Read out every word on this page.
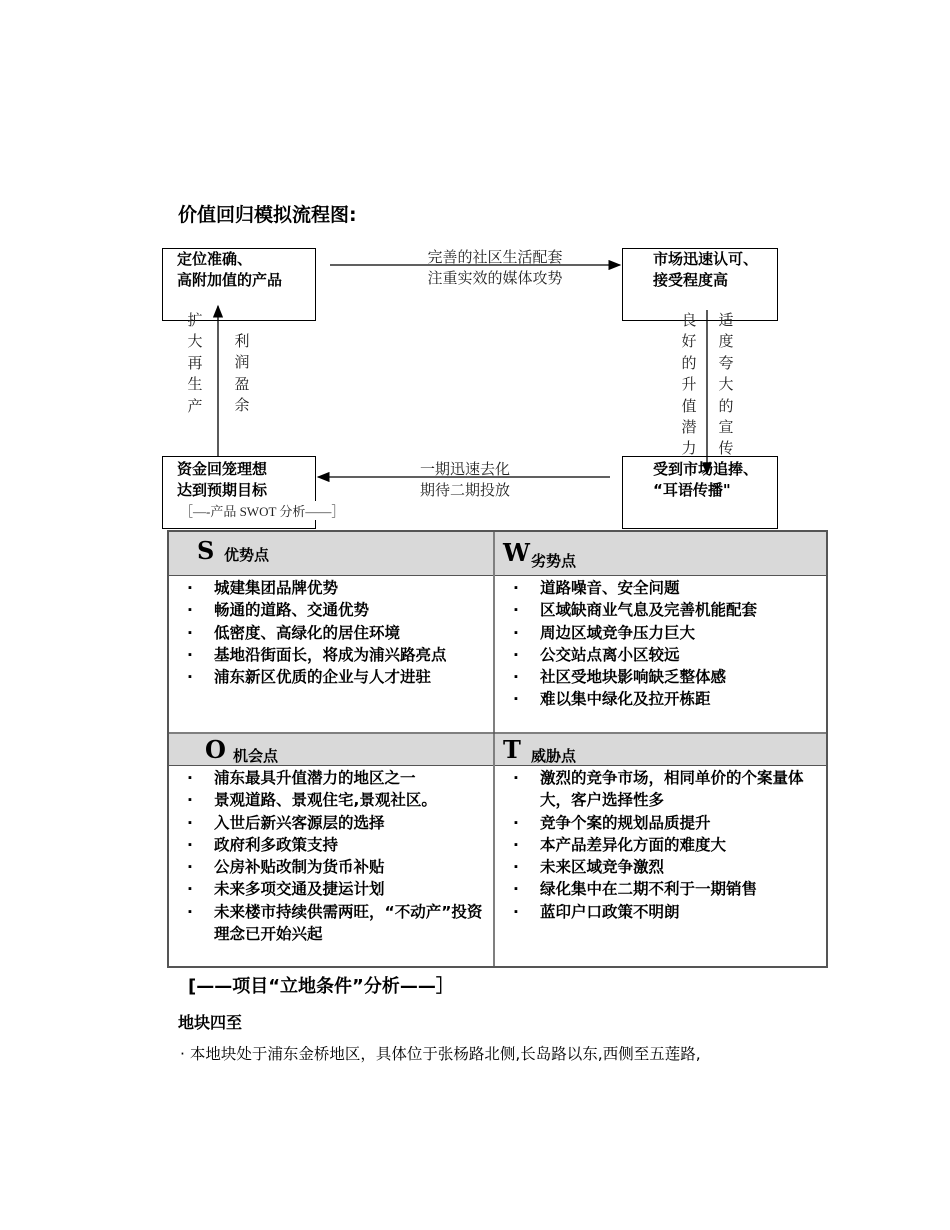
价值回归模拟流程图:
定位准确、
高附加值的产品
市场迅速认可、
接受程度高
资金回笼理想
达到预期目标
受到市场追捧、
“耳语传播"
完善的社区生活配套
注重实效的媒体攻势
一期迅速去化
期待二期投放
扩
大
再
生
产
利
润
盈
余
良
好
的
升
值
潜
力
适
度
夸
大
的
宣
传
［—-产品 SWOT 分析——］
S 优势点
· 城建集团品牌优势
· 畅通的道路、交通优势
· 低密度、高绿化的居住环境
· 基地沿街面长，将成为浦兴路亮点
· 浦东新区优质的企业与人才进驻
W 劣势点
· 道路噪音、安全问题
· 区域缺商业气息及完善机能配套
· 周边区域竞争压力巨大
· 公交站点离小区较远
· 社区受地块影响缺乏整体感
· 难以集中绿化及拉开栋距
O 机会点
· 浦东最具升值潜力的地区之一
· 景观道路、景观住宅,景观社区。
· 入世后新兴客源层的选择
· 政府利多政策支持
· 公房补贴改制为货币补贴
· 未来多项交通及捷运计划
· 未来楼市持续供需两旺，“不动产”投资理念已开始兴起
T 威胁点
· 激烈的竞争市场，相同单价的个案量体大，客户选择性多
· 竞争个案的规划品质提升
· 本产品差异化方面的难度大
· 未来区域竞争激烈
· 绿化集中在二期不利于一期销售
· 蓝印户口政策不明朗
[——项目“立地条件”分析——］
地块四至
· 本地块处于浦东金桥地区，具体位于张杨路北侧,长岛路以东,西侧至五莲路,
